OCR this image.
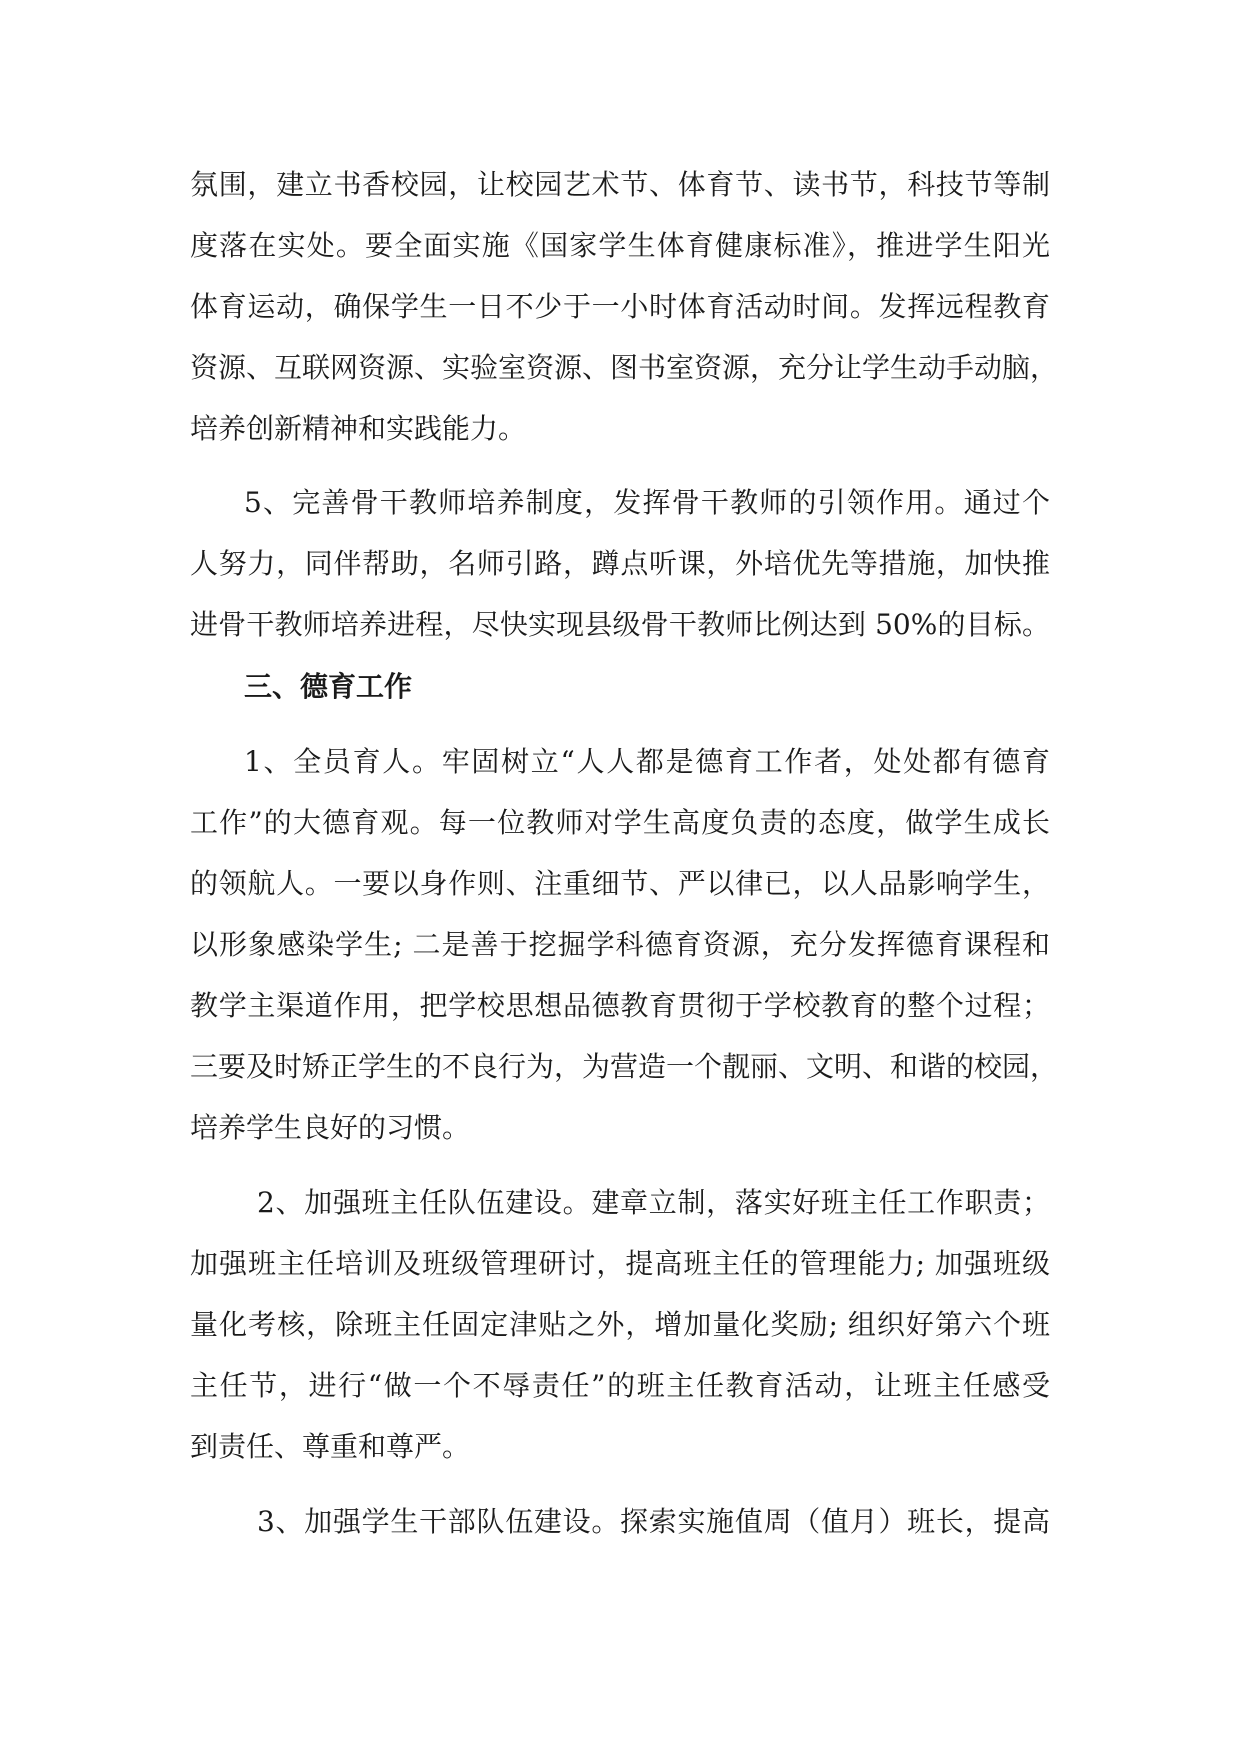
氛围，建立书香校园，让校园艺术节、体育节、读书节，科技节等制
度落在实处。要全面实施《国家学生体育健康标准》，推进学生阳光
体育运动，确保学生一日不少于一小时体育活动时间。发挥远程教育
资源、互联网资源、实验室资源、图书室资源，充分让学生动手动脑，
培养创新精神和实践能力。
5、完善骨干教师培养制度，发挥骨干教师的引领作用。通过个
人努力，同伴帮助，名师引路，蹲点听课，外培优先等措施，加快推
进骨干教师培养进程，尽快实现县级骨干教师比例达到 50%的目标。
三、德育工作
1、全员育人。牢固树立“人人都是德育工作者，处处都有德育
工作”的大德育观。每一位教师对学生高度负责的态度，做学生成长
的领航人。一要以身作则、注重细节、严以律已，以人品影响学生，
以形象感染学生; 二是善于挖掘学科德育资源，充分发挥德育课程和
教学主渠道作用，把学校思想品德教育贯彻于学校教育的整个过程；
三要及时矫正学生的不良行为，为营造一个靓丽、文明、和谐的校园，
培养学生良好的习惯。
2、加强班主任队伍建设。建章立制，落实好班主任工作职责；
加强班主任培训及班级管理研讨，提高班主任的管理能力; 加强班级
量化考核，除班主任固定津贴之外，增加量化奖励; 组织好第六个班
主任节，进行“做一个不辱责任”的班主任教育活动，让班主任感受
到责任、尊重和尊严。
3、加强学生干部队伍建设。探索实施值周（值月）班长，提高
